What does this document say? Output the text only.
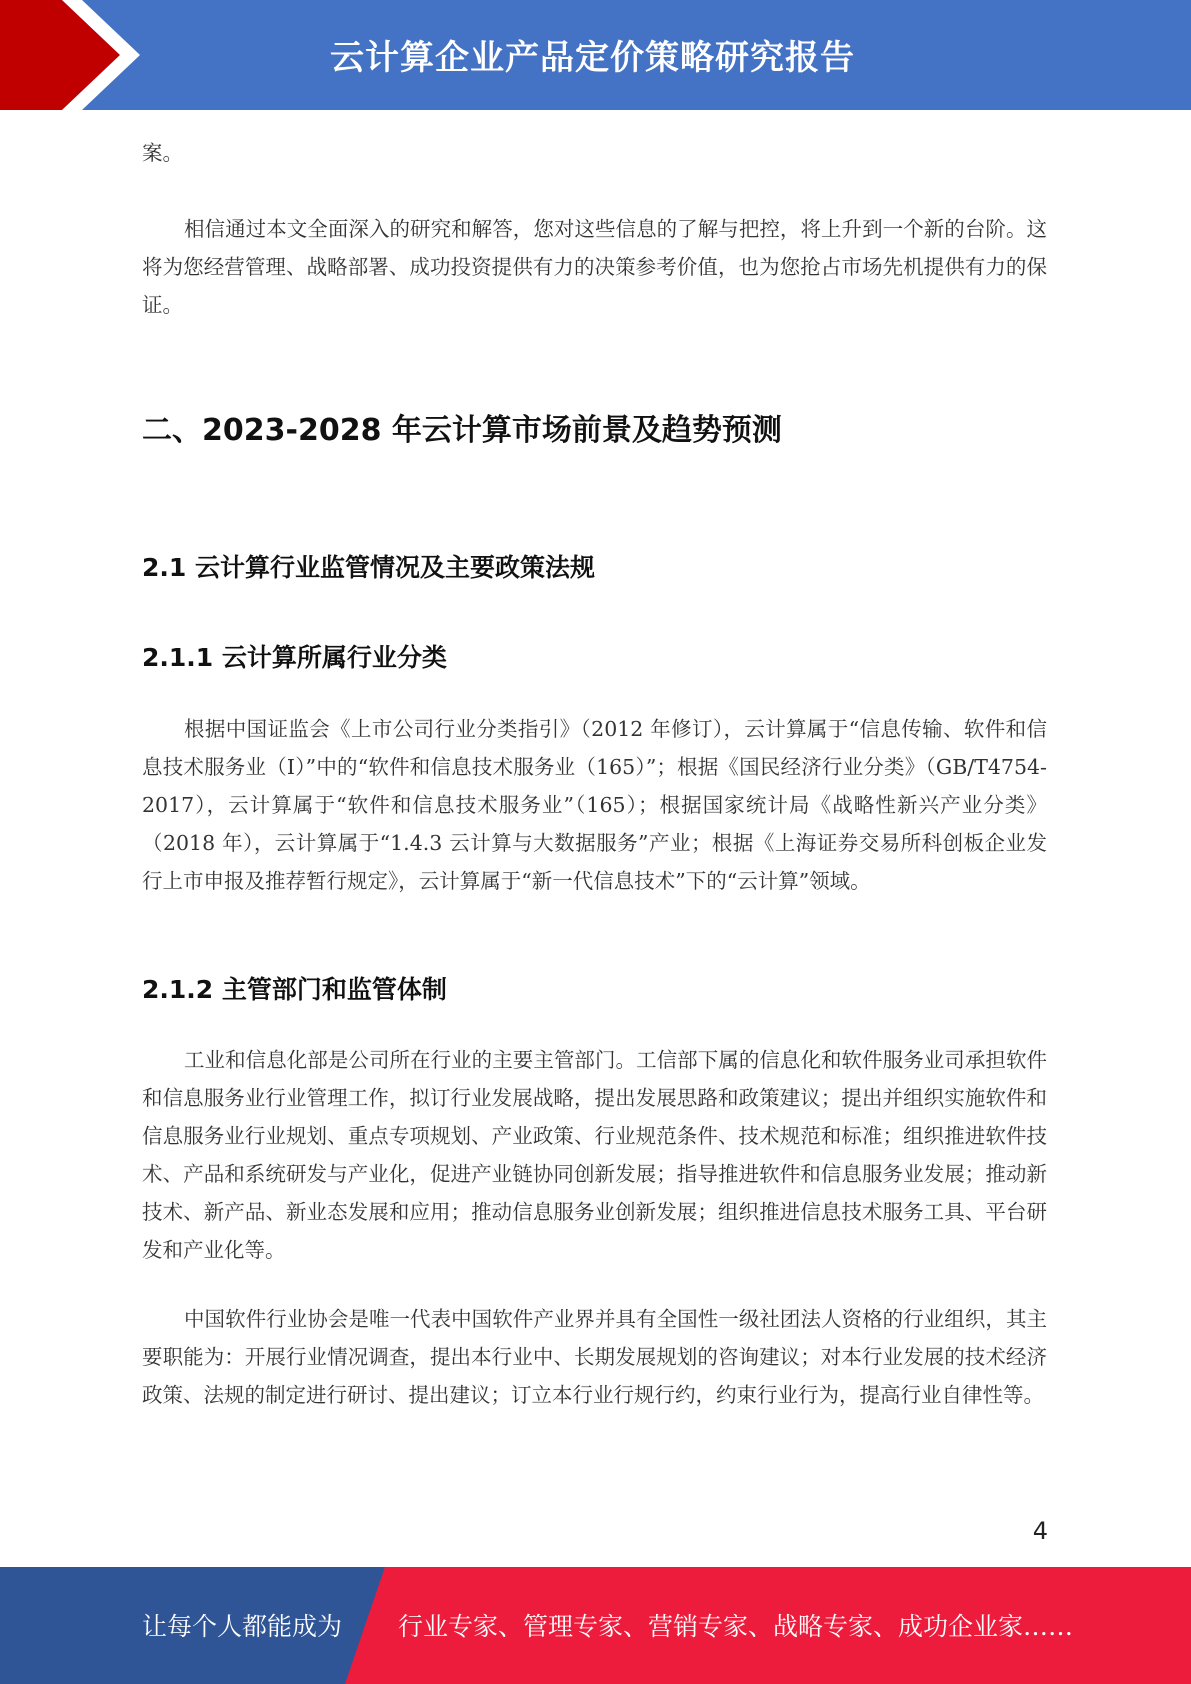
云计算企业产品定价策略研究报告
案。
相信通过本文全面深入的研究和解答，您对这些信息的了解与把控，将上升到一个新的台阶。这将为您经营管理、战略部署、成功投资提供有力的决策参考价值，也为您抢占市场先机提供有力的保证。
二、2023-2028 年云计算市场前景及趋势预测
2.1 云计算行业监管情况及主要政策法规
2.1.1 云计算所属行业分类
根据中国证监会《上市公司行业分类指引》（2012 年修订），云计算属于“信息传输、软件和信息技术服务业（I）”中的“软件和信息技术服务业（165）”；根据《国民经济行业分类》（GB/T4754-2017），云计算属于“软件和信息技术服务业”（165）；根据国家统计局《战略性新兴产业分类》（2018 年），云计算属于“1.4.3 云计算与大数据服务”产业；根据《上海证券交易所科创板企业发行上市申报及推荐暂行规定》，云计算属于“新一代信息技术”下的“云计算”领域。
2.1.2 主管部门和监管体制
工业和信息化部是公司所在行业的主要主管部门。工信部下属的信息化和软件服务业司承担软件和信息服务业行业管理工作，拟订行业发展战略，提出发展思路和政策建议；提出并组织实施软件和信息服务业行业规划、重点专项规划、产业政策、行业规范条件、技术规范和标准；组织推进软件技术、产品和系统研发与产业化，促进产业链协同创新发展；指导推进软件和信息服务业发展；推动新技术、新产品、新业态发展和应用；推动信息服务业创新发展；组织推进信息技术服务工具、平台研发和产业化等。
中国软件行业协会是唯一代表中国软件产业界并具有全国性一级社团法人资格的行业组织，其主要职能为：开展行业情况调查，提出本行业中、长期发展规划的咨询建议；对本行业发展的技术经济政策、法规的制定进行研讨、提出建议；订立本行业行规行约，约束行业行为，提高行业自律性等。
4
让每个人都能成为 行业专家、管理专家、营销专家、战略专家、成功企业家……
